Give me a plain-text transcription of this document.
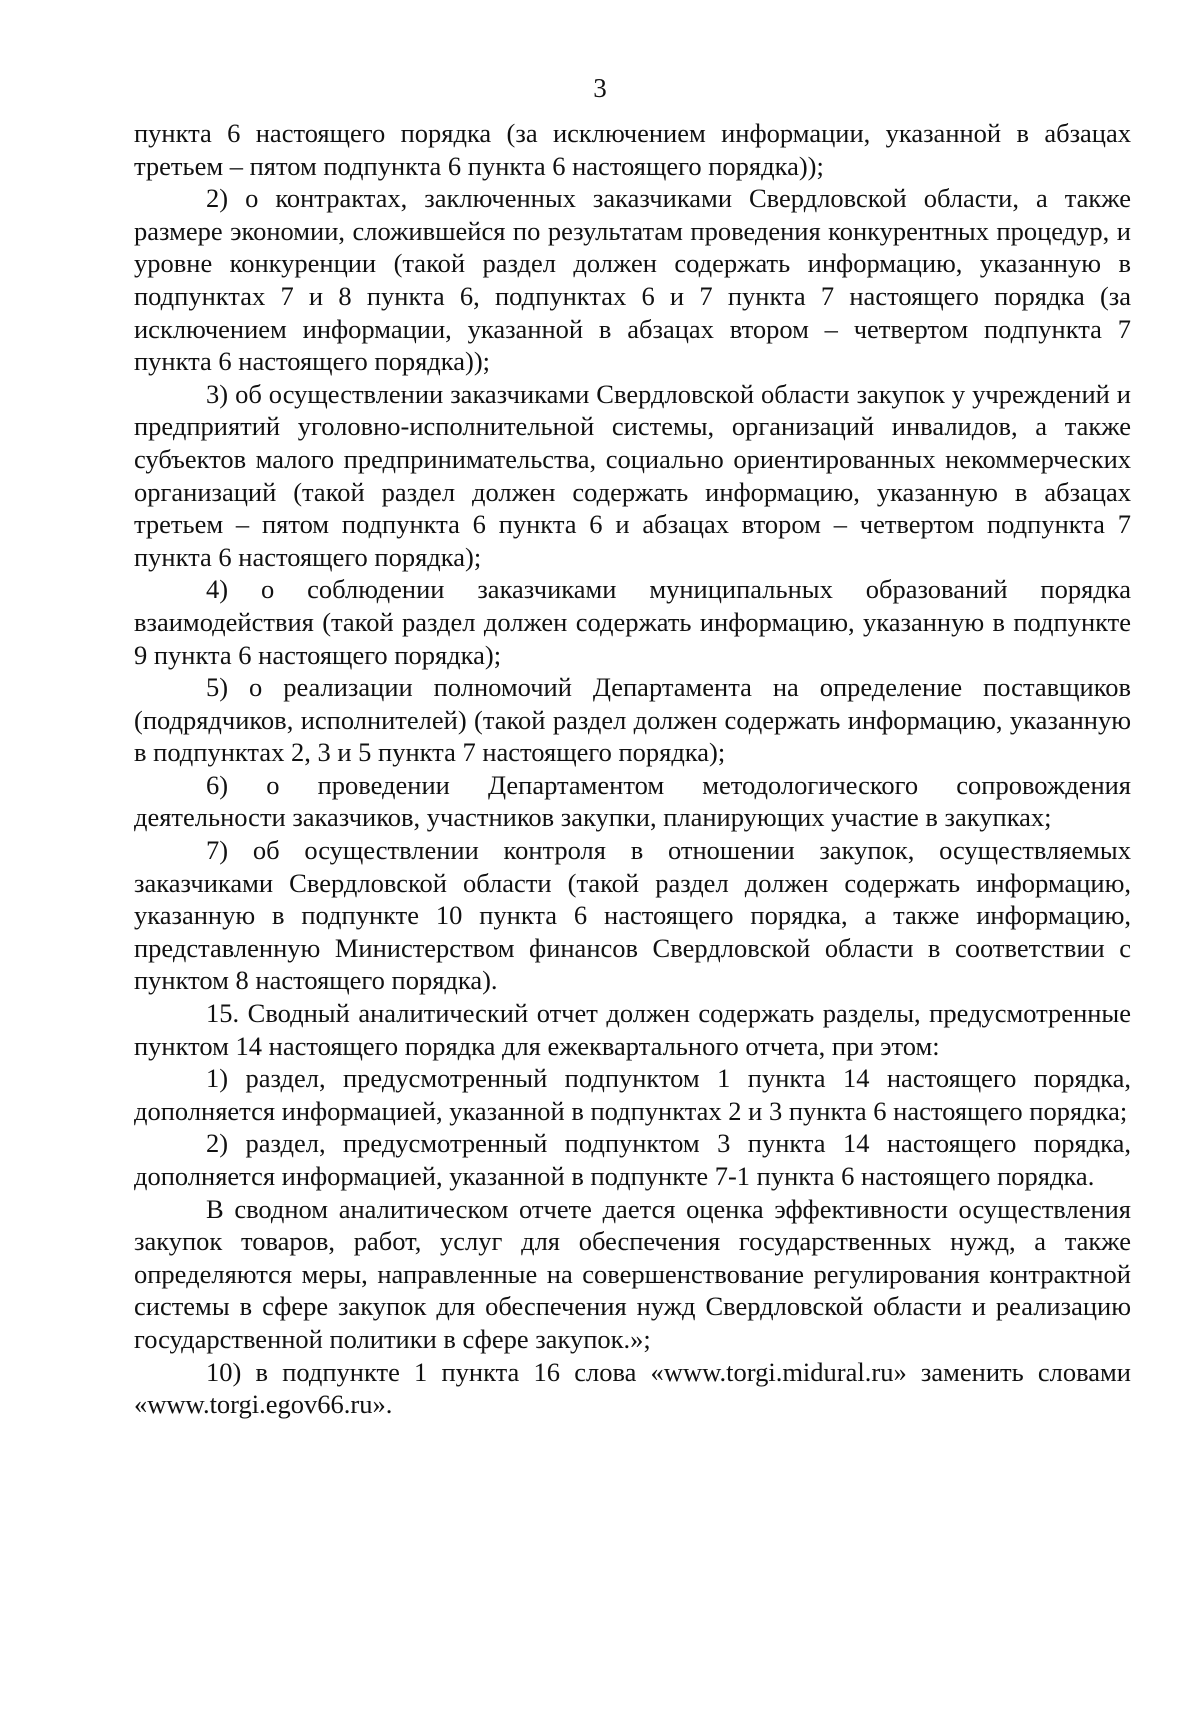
3

пункта 6 настоящего порядка (за исключением информации, указанной в абзацах третьем – пятом подпункта 6 пункта 6 настоящего порядка));

2) о контрактах, заключенных заказчиками Свердловской области, а также размере экономии, сложившейся по результатам проведения конкурентных процедур, и уровне конкуренции (такой раздел должен содержать информацию, указанную в подпунктах 7 и 8 пункта 6, подпунктах 6 и 7 пункта 7 настоящего порядка (за исключением информации, указанной в абзацах втором – четвертом подпункта 7 пункта 6 настоящего порядка));

3) об осуществлении заказчиками Свердловской области закупок у учреждений и предприятий уголовно-исполнительной системы, организаций инвалидов, а также субъектов малого предпринимательства, социально ориентированных некоммерческих организаций (такой раздел должен содержать информацию, указанную в абзацах третьем – пятом подпункта 6 пункта 6 и абзацах втором – четвертом подпункта 7 пункта 6 настоящего порядка);

4) о соблюдении заказчиками муниципальных образований порядка взаимодействия (такой раздел должен содержать информацию, указанную в подпункте 9 пункта 6 настоящего порядка);

5) о реализации полномочий Департамента на определение поставщиков (подрядчиков, исполнителей) (такой раздел должен содержать информацию, указанную в подпунктах 2, 3 и 5 пункта 7 настоящего порядка);

6) о проведении Департаментом методологического сопровождения деятельности заказчиков, участников закупки, планирующих участие в закупках;

7) об осуществлении контроля в отношении закупок, осуществляемых заказчиками Свердловской области (такой раздел должен содержать информацию, указанную в подпункте 10 пункта 6 настоящего порядка, а также информацию, представленную Министерством финансов Свердловской области в соответствии с пунктом 8 настоящего порядка).

15. Сводный аналитический отчет должен содержать разделы, предусмотренные пунктом 14 настоящего порядка для ежеквартального отчета, при этом:

1) раздел, предусмотренный подпунктом 1 пункта 14 настоящего порядка, дополняется информацией, указанной в подпунктах 2 и 3 пункта 6 настоящего порядка;

2) раздел, предусмотренный подпунктом 3 пункта 14 настоящего порядка, дополняется информацией, указанной в подпункте 7-1 пункта 6 настоящего порядка.

В сводном аналитическом отчете дается оценка эффективности осуществления закупок товаров, работ, услуг для обеспечения государственных нужд, а также определяются меры, направленные на совершенствование регулирования контрактной системы в сфере закупок для обеспечения нужд Свердловской области и реализацию государственной политики в сфере закупок.»;

10) в подпункте 1 пункта 16 слова «www.torgi.midural.ru» заменить словами «www.torgi.egov66.ru».
